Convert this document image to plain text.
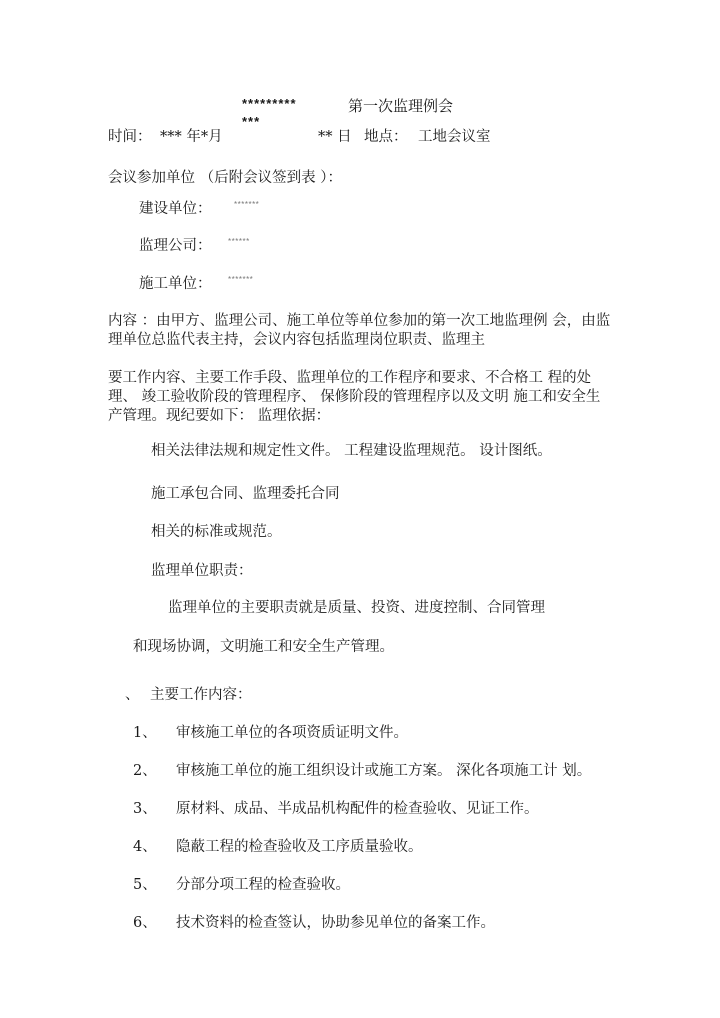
*********
***
第一次监理例会
时间： *** 年*月	** 日 地点： 工地会议室
会议参加单位 （后附会议签到表 ）：
建设单位：	*******
监理公司： ******
施工单位： *******
内容 ：由甲方、监理公司、施工单位等单位参加的第一次工地监理例 会，由监理单位总监代表主持，会议内容包括监理岗位职责、监理主
要工作内容、主要工作手段、监理单位的工作程序和要求、不合格工 程的处理、 竣工验收阶段的管理程序、 保修阶段的管理程序以及文明 施工和安全生产管理。现纪要如下： 监理依据：
相关法律法规和规定性文件。 工程建设监理规范。 设计图纸。
施工承包合同、监理委托合同
相关的标准或规范。
监理单位职责：
监理单位的主要职责就是质量、投资、进度控制、合同管理
和现场协调，文明施工和安全生产管理。
、 主要工作内容：
1、 审核施工单位的各项资质证明文件。
2、 审核施工单位的施工组织设计或施工方案。 深化各项施工计 划。
3、 原材料、成品、半成品机构配件的检查验收、见证工作。
4、 隐蔽工程的检查验收及工序质量验收。
5、 分部分项工程的检查验收。
6、 技术资料的检查签认，协助参见单位的备案工作。
